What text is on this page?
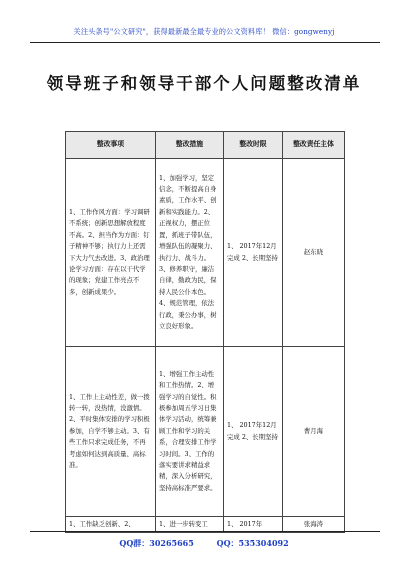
关注头条号"公文研究"，获得最新最全最专业的公文资料库！ 微信：gongwenyj
领导班子和领导干部个人问题整改清单
整改事项	整改措施	整改时限	整改责任主体
1、工作作风方面：学习调研不系统；创新思想解放程度不高。2、担当作为方面：钉子精神不够；执行力上还需下大力气去改进。3、政治理论学习方面：存在以干代学的现象；党建工作亮点不多，创新成果少。	1、加强学习，坚定信念，不断提高自身素质，工作水平、创新和实践能力。2、正视权力，摆正位置，抓班子带队伍，增强队伍的凝聚力、执行力、战斗力。3、修养职守，廉洁自律，勤政为民，保持人民公仆本色。4、规范管理，依法行政，秉公办事，树立良好形象。	1、 2017年12月完成 2、长期坚持	赵东晓
1、工作上主动性差，做一拨转一转，没热情，没激情。2、平时集体安排的学习积极参加，自学不够主动。3、有些工作只求完成任务，不再考虑如何达到高质量、高标准。	1、增强工作主动性和工作热情。2、增强学习的自觉性。积极参加周五学习日集体学习活动，统筹兼顾工作和学习的关系，合理安排工作学习时间。3、工作的落实要讲求精益求精，深入分析研究，坚持高标准严要求。	1、 2017年12月完成 2、长期坚持	曹月海
1、工作缺乏创新、2、	1、进一步转变工	1、 2017年	张海涛
QQ群：30265665	QQ：535304092
